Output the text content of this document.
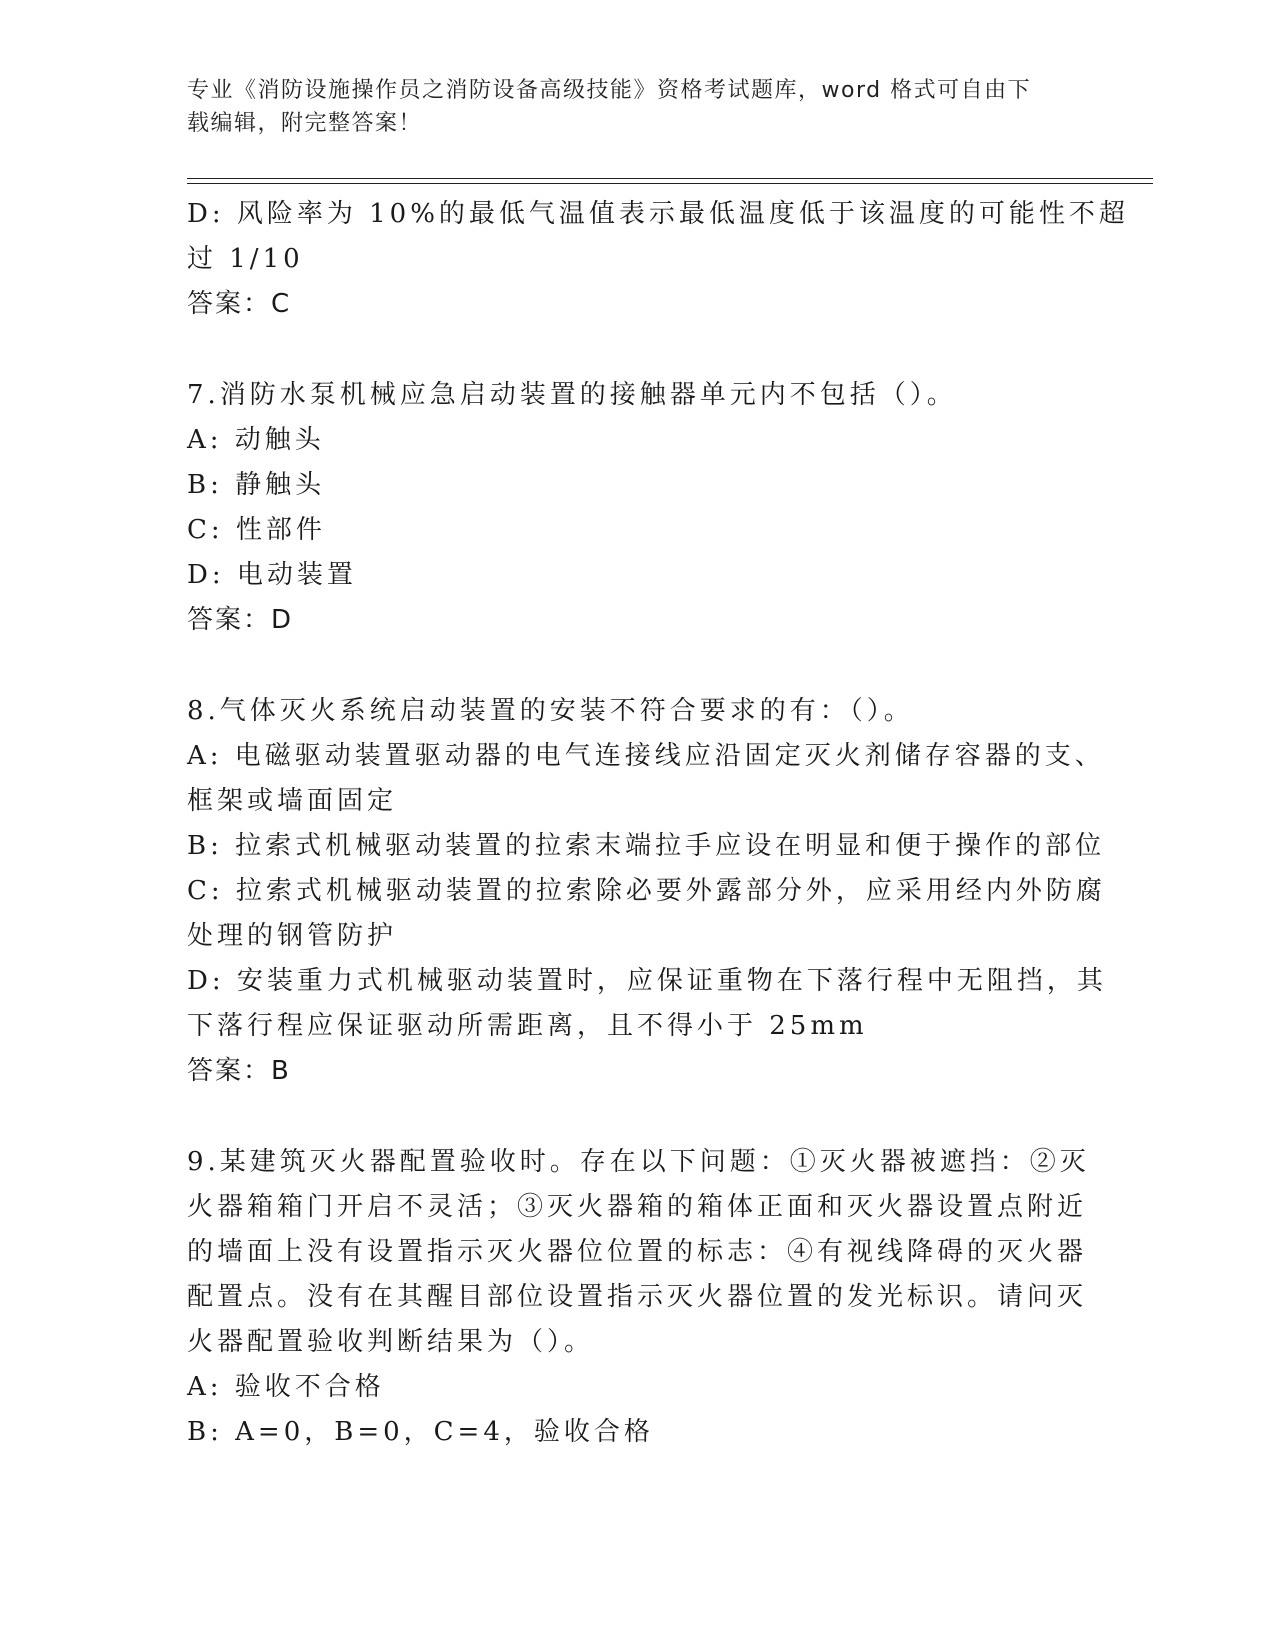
专业《消防设施操作员之消防设备高级技能》资格考试题库，word 格式可自由下
载编辑，附完整答案！

D: 风险率为 10%的最低气温值表示最低温度低于该温度的可能性不超

过 1/10

答案：C

7.消防水泵机械应急启动装置的接触器单元内不包括（）。

A: 动触头

B: 静触头

C: 性部件

D: 电动装置

答案：D

8.气体灭火系统启动装置的安装不符合要求的有：（）。

A: 电磁驱动装置驱动器的电气连接线应沿固定灭火剂储存容器的支、

框架或墙面固定

B: 拉索式机械驱动装置的拉索末端拉手应设在明显和便于操作的部位

C: 拉索式机械驱动装置的拉索除必要外露部分外，应采用经内外防腐

处理的钢管防护

D: 安装重力式机械驱动装置时，应保证重物在下落行程中无阻挡，其

下落行程应保证驱动所需距离，且不得小于 25mm

答案：B

9.某建筑灭火器配置验收时。存在以下问题：①灭火器被遮挡：②灭

火器箱箱门开启不灵活；③灭火器箱的箱体正面和灭火器设置点附近

的墙面上没有设置指示灭火器位位置的标志：④有视线降碍的灭火器

配置点。没有在其醒目部位设置指示灭火器位置的发光标识。请问灭

火器配置验收判断结果为（）。

A: 验收不合格

B: A=0，B=0，C=4，验收合格
